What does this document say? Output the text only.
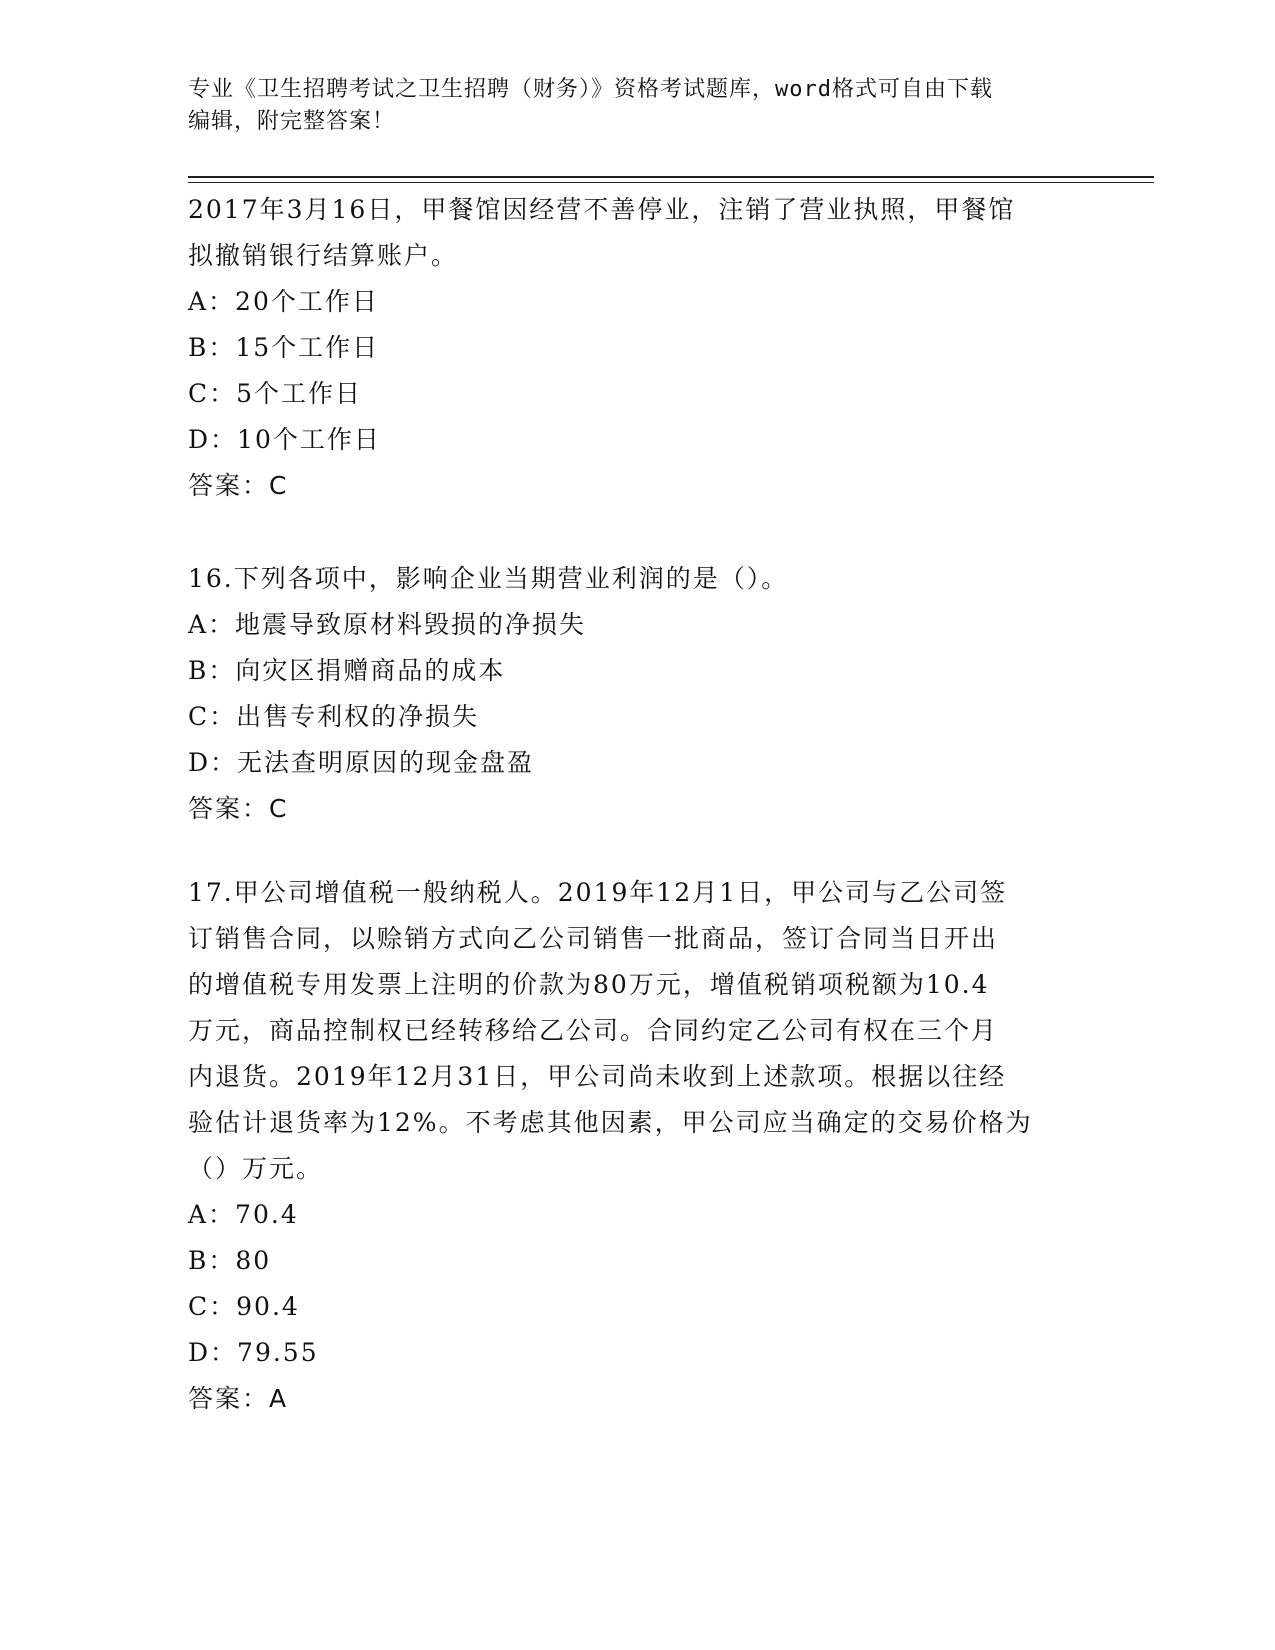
专业《卫生招聘考试之卫生招聘（财务）》资格考试题库，word格式可自由下载
编辑，附完整答案！
2017年3月16日，甲餐馆因经营不善停业，注销了营业执照，甲餐馆
拟撤销银行结算账户。
A：20个工作日
B：15个工作日
C：5个工作日
D：10个工作日
答案：C
16.下列各项中，影响企业当期营业利润的是（）。
A：地震导致原材料毁损的净损失
B：向灾区捐赠商品的成本
C：出售专利权的净损失
D：无法查明原因的现金盘盈
答案：C
17.甲公司增值税一般纳税人。2019年12月1日，甲公司与乙公司签
订销售合同，以赊销方式向乙公司销售一批商品，签订合同当日开出
的增值税专用发票上注明的价款为80万元，增值税销项税额为10.4
万元，商品控制权已经转移给乙公司。合同约定乙公司有权在三个月
内退货。2019年12月31日，甲公司尚未收到上述款项。根据以往经
验估计退货率为12%。不考虑其他因素，甲公司应当确定的交易价格为
（）万元。
A：70.4
B：80
C：90.4
D：79.55
答案：A
